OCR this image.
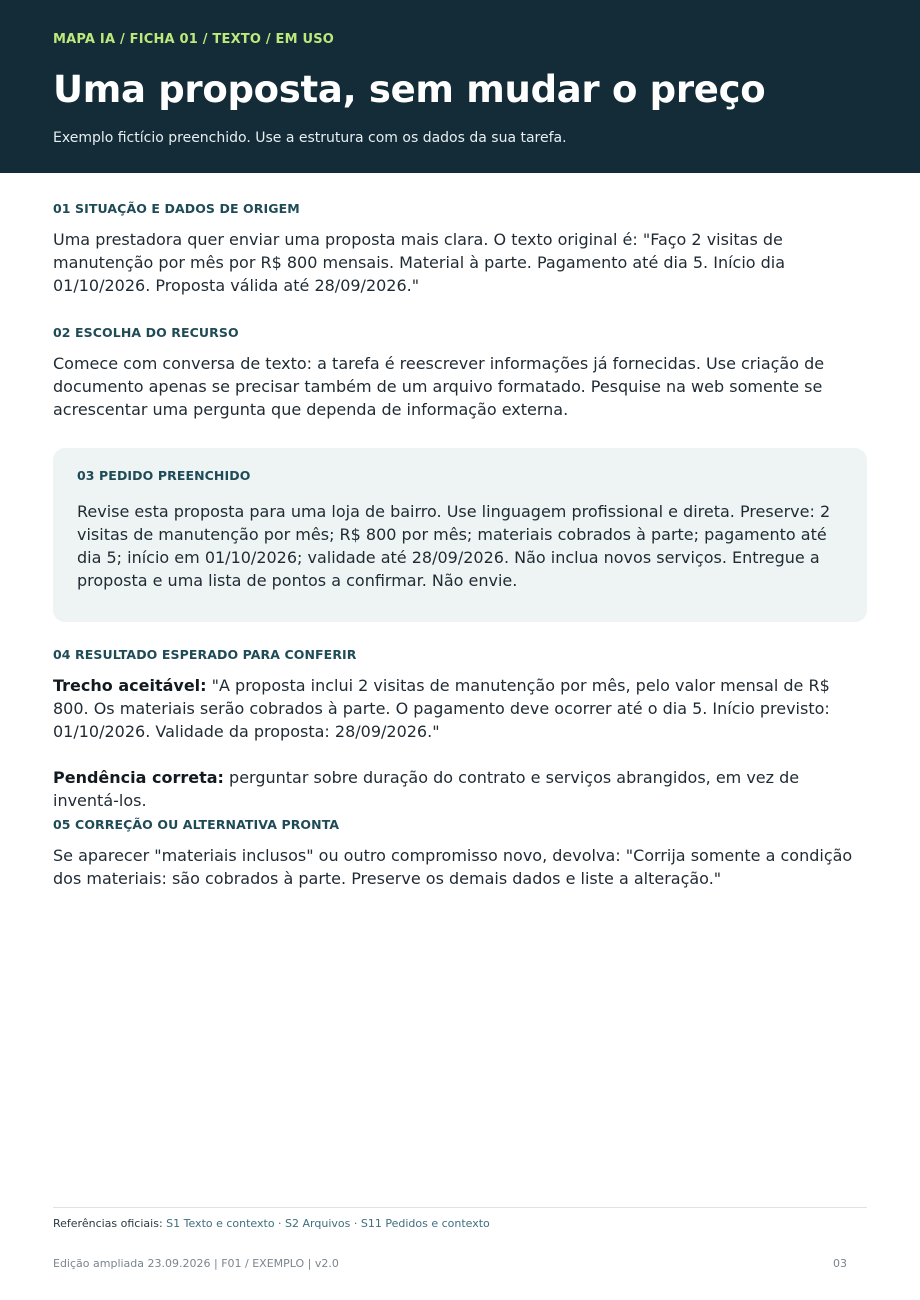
MAPA IA / FICHA 01 / TEXTO / EM USO

Uma proposta, sem mudar o preço

Exemplo fictício preenchido. Use a estrutura com os dados da sua tarefa.

01 SITUAÇÃO E DADOS DE ORIGEM
Uma prestadora quer enviar uma proposta mais clara. O texto original é: "Faço 2 visitas de manutenção por mês por R$ 800 mensais. Material à parte. Pagamento até dia 5. Início dia 01/10/2026. Proposta válida até 28/09/2026."
02 ESCOLHA DO RECURSO
Comece com conversa de texto: a tarefa é reescrever informações já fornecidas. Use criação de documento apenas se precisar também de um arquivo formatado. Pesquise na web somente se acrescentar uma pergunta que dependa de informação externa.
03 PEDIDO PREENCHIDO
Revise esta proposta para uma loja de bairro. Use linguagem profissional e direta. Preserve: 2 visitas de manutenção por mês; R$ 800 por mês; materiais cobrados à parte; pagamento até dia 5; início em 01/10/2026; validade até 28/09/2026. Não inclua novos serviços. Entregue a proposta e uma lista de pontos a confirmar. Não envie.
04 RESULTADO ESPERADO PARA CONFERIR
Trecho aceitável: "A proposta inclui 2 visitas de manutenção por mês, pelo valor mensal de R$ 800. Os materiais serão cobrados à parte. O pagamento deve ocorrer até o dia 5. Início previsto: 01/10/2026. Validade da proposta: 28/09/2026."
Pendência correta: perguntar sobre duração do contrato e serviços abrangidos, em vez de inventá-los.
05 CORREÇÃO OU ALTERNATIVA PRONTA
Se aparecer "materiais inclusos" ou outro compromisso novo, devolva: "Corrija somente a condição dos materiais: são cobrados à parte. Preserve os demais dados e liste a alteração."
Referências oficiais: S1 Texto e contexto · S2 Arquivos · S11 Pedidos e contexto
Edição ampliada 23.09.2026 | F01 / EXEMPLO | v2.0	03
